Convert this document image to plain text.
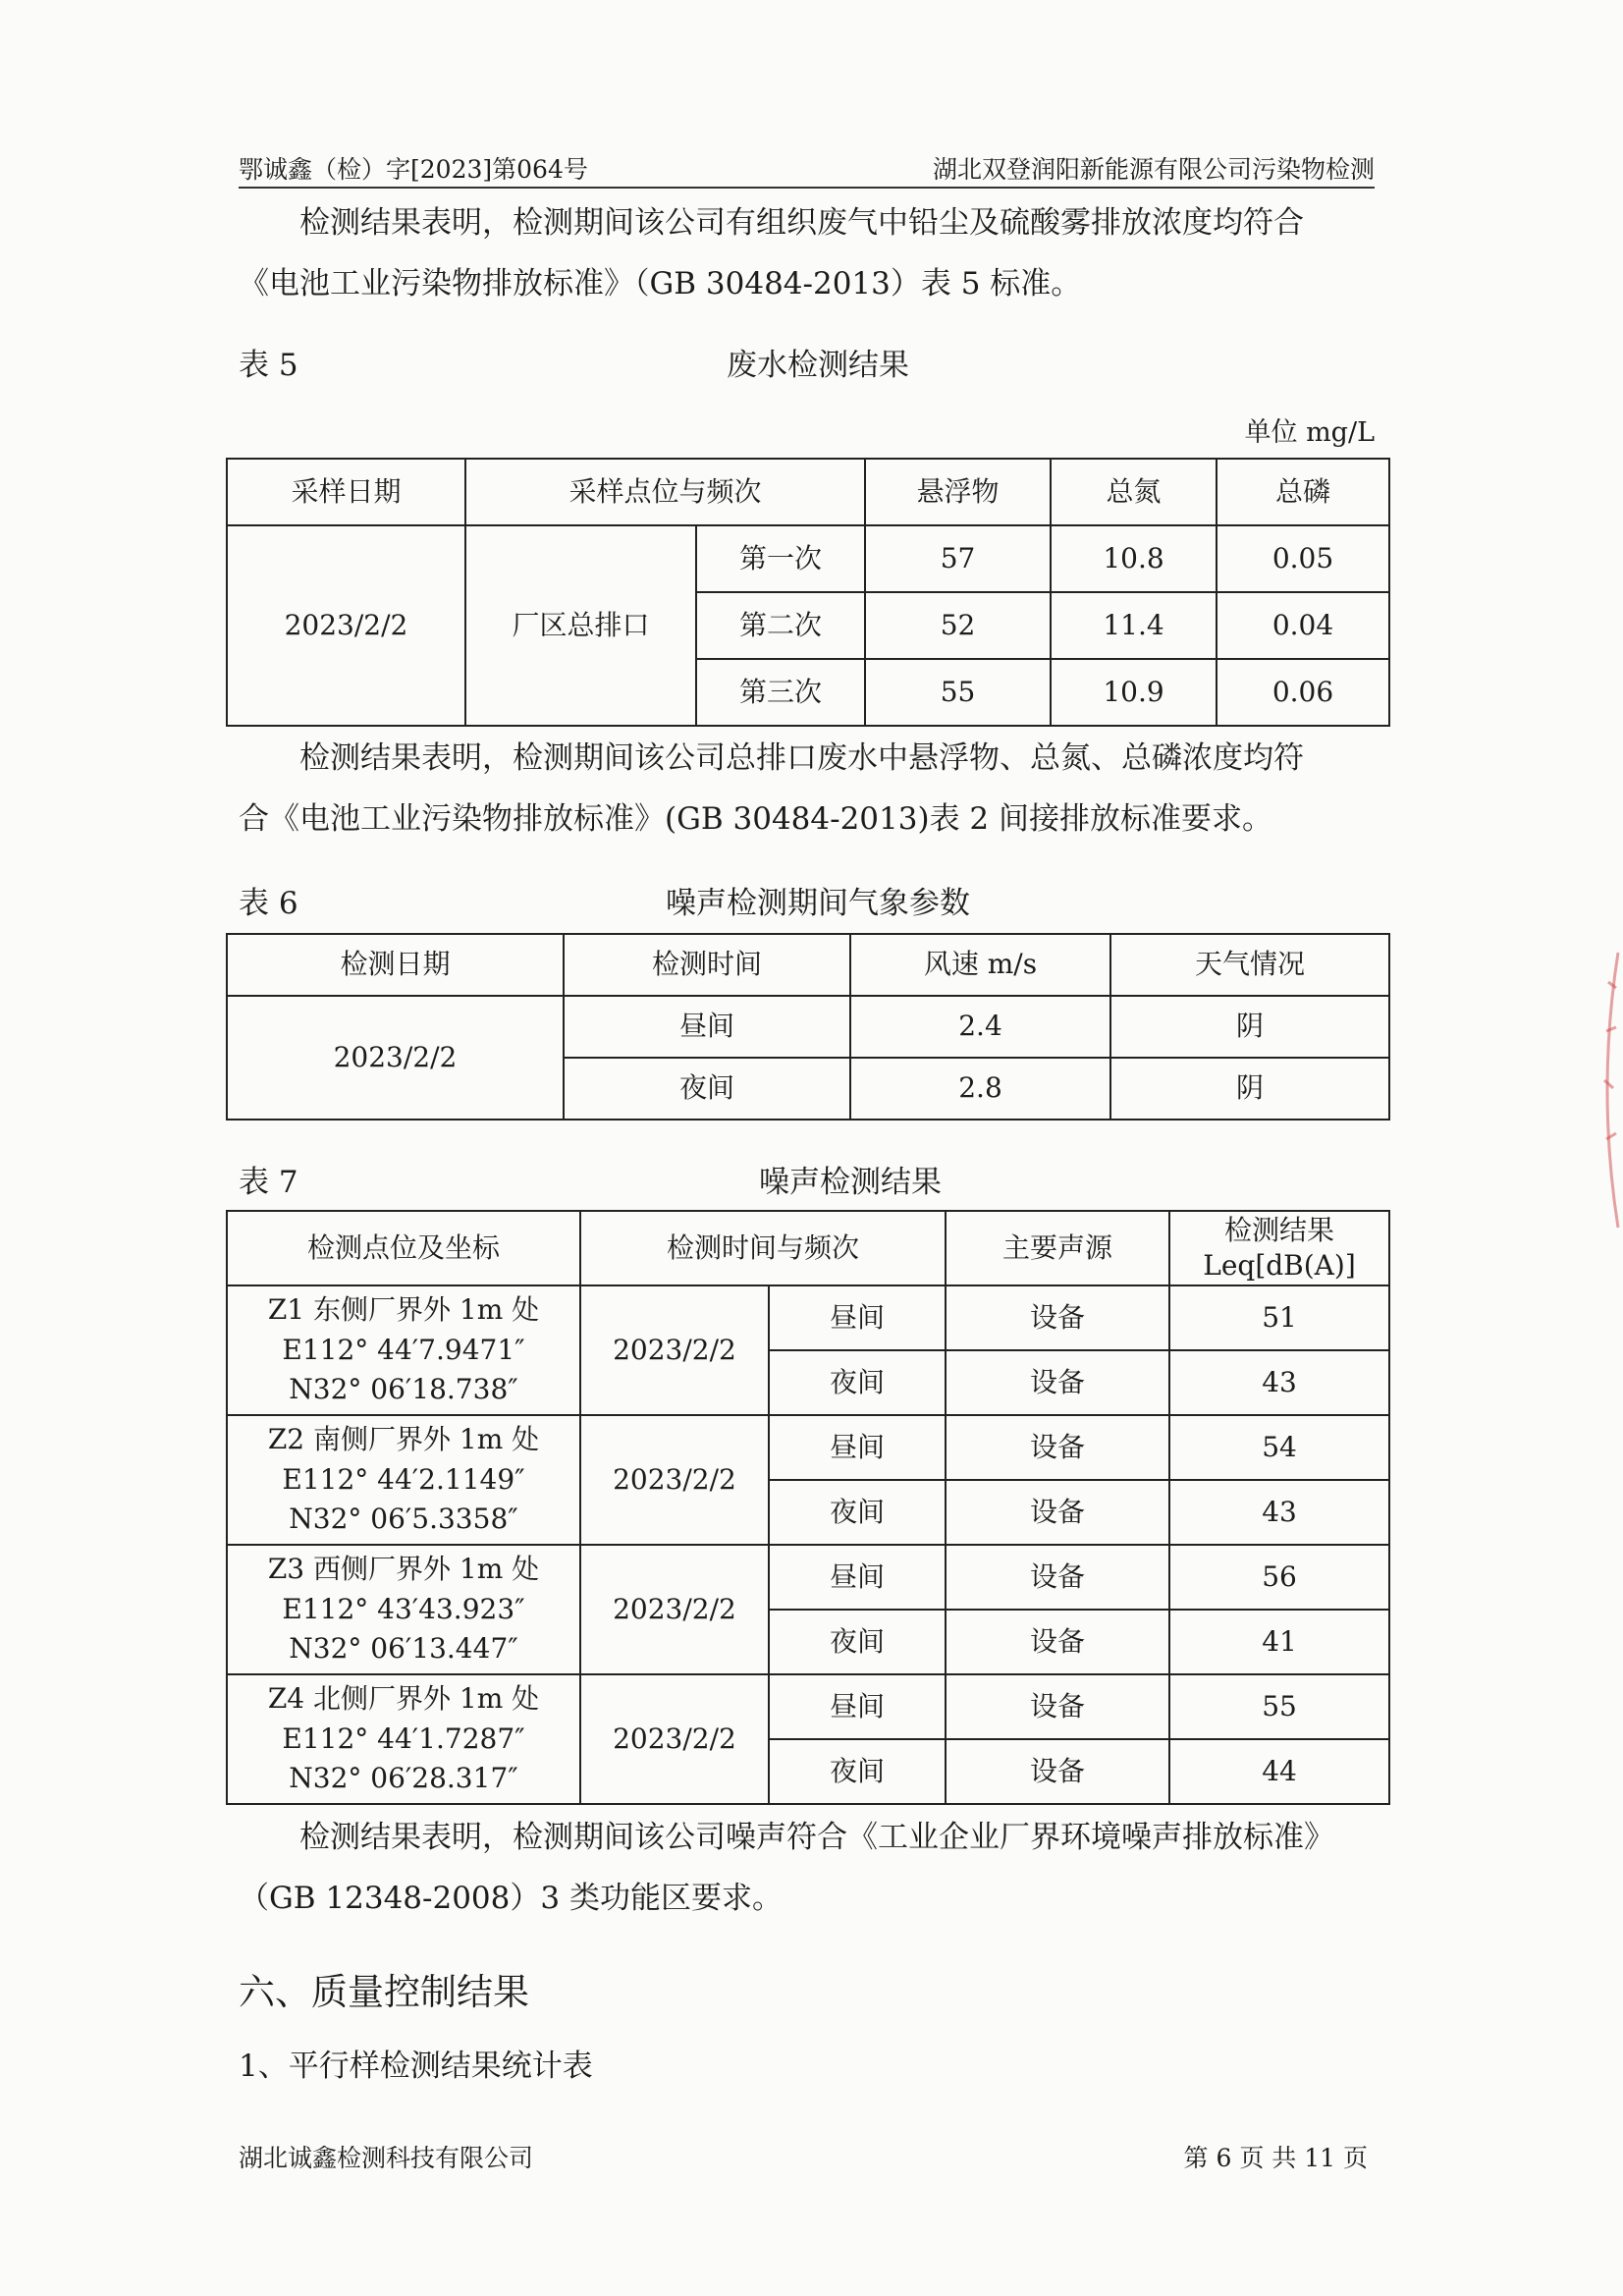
鄂诚鑫（检）字[2023]第064号	湖北双登润阳新能源有限公司污染物检测

检测结果表明，检测期间该公司有组织废气中铅尘及硫酸雾排放浓度均符合

《电池工业污染物排放标准》（GB 30484-2013）表 5 标准。

表 5	废水检测结果
单位 mg/L
采样日期	采样点位与频次		悬浮物	总氮	总磷
2023/2/2	厂区总排口	第一次	57	10.8	0.05
		第二次	52	11.4	0.04
		第三次	55	10.9	0.06

检测结果表明，检测期间该公司总排口废水中悬浮物、总氮、总磷浓度均符

合《电池工业污染物排放标准》(GB 30484-2013)表 2 间接排放标准要求。

表 6	噪声检测期间气象参数
检测日期	检测时间	风速 m/s	天气情况
2023/2/2	昼间	2.4	阴
	夜间	2.8	阴
表 7	噪声检测结果
检测点位及坐标	检测时间与频次		主要声源	检测结果
Leq[dB(A)]

Z1 东侧厂界外 1m 处
E112° 44′7.9471″
N32° 06′18.738″	2023/2/2	昼间	设备	51
		夜间	设备	43

Z2 南侧厂界外 1m 处
E112° 44′2.1149″
N32° 06′5.3358″	2023/2/2	昼间	设备	54
		夜间	设备	43

Z3 西侧厂界外 1m 处
E112° 43′43.923″
N32° 06′13.447″	2023/2/2	昼间	设备	56
		夜间	设备	41

Z4 北侧厂界外 1m 处
E112° 44′1.7287″
N32° 06′28.317″	2023/2/2	昼间	设备	55
		夜间	设备	44

检测结果表明，检测期间该公司噪声符合《工业企业厂界环境噪声排放标准》

（GB 12348-2008）3 类功能区要求。

六、质量控制结果
1、平行样检测结果统计表
湖北诚鑫检测科技有限公司	第 6 页 共 11 页
